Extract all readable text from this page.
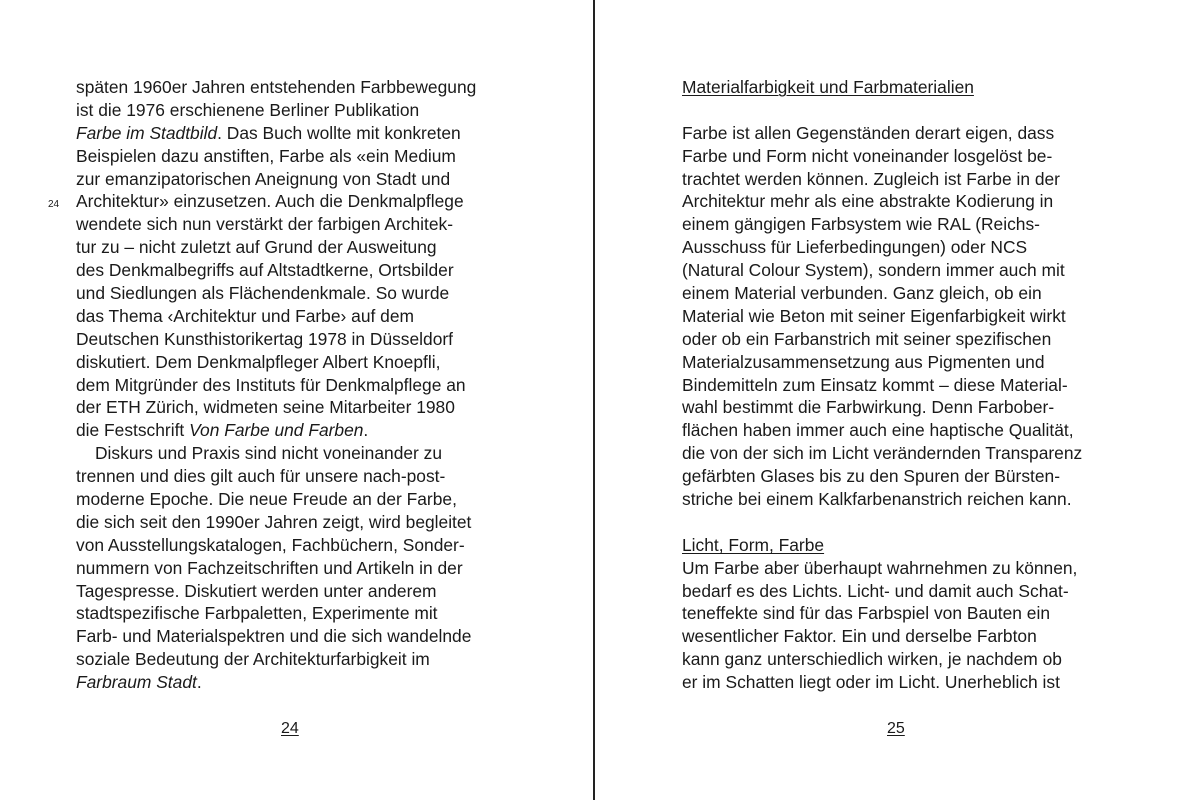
24
späten 1960er Jahren entstehenden Farbbewegung
ist die 1976 erschienene Berliner Publikation
Farbe im Stadtbild. Das Buch wollte mit konkreten
Beispielen dazu anstiften, Farbe als «ein Medium
zur emanzipatorischen Aneignung von Stadt und
Architektur» einzusetzen. Auch die Denkmalpflege
wendete sich nun verstärkt der farbigen Architek-
tur zu – nicht zuletzt auf Grund der Ausweitung
des Denkmalbegriffs auf Altstadtkerne, Ortsbilder
und Siedlungen als Flächendenkmale. So wurde
das Thema ‹Architektur und Farbe› auf dem
Deutschen Kunsthistorikertag 1978 in Düsseldorf
diskutiert. Dem Denkmalpfleger Albert Knoepfli,
dem Mitgründer des Instituts für Denkmalpflege an
der ETH Zürich, widmeten seine Mitarbeiter 1980
die Festschrift Von Farbe und Farben.
Diskurs und Praxis sind nicht voneinander zu
trennen und dies gilt auch für unsere nach-post-
moderne Epoche. Die neue Freude an der Farbe,
die sich seit den 1990er Jahren zeigt, wird begleitet
von Ausstellungskatalogen, Fachbüchern, Sonder-
nummern von Fachzeitschriften und Artikeln in der
Tagespresse. Diskutiert werden unter anderem
stadtspezifische Farbpaletten, Experimente mit
Farb- und Materialspektren und die sich wandelnde
soziale Bedeutung der Architekturfarbigkeit im
Farbraum Stadt.
24
Materialfarbigkeit und Farbmaterialien
Farbe ist allen Gegenständen derart eigen, dass
Farbe und Form nicht voneinander losgelöst be-
trachtet werden können. Zugleich ist Farbe in der
Architektur mehr als eine abstrakte Kodierung in
einem gängigen Farbsystem wie RAL (Reichs-
Ausschuss für Lieferbedingungen) oder NCS
(Natural Colour System), sondern immer auch mit
einem Material verbunden. Ganz gleich, ob ein
Material wie Beton mit seiner Eigenfarbigkeit wirkt
oder ob ein Farbanstrich mit seiner spezifischen
Materialzusammensetzung aus Pigmenten und
Bindemitteln zum Einsatz kommt – diese Material-
wahl bestimmt die Farbwirkung. Denn Farbober-
flächen haben immer auch eine haptische Qualität,
die von der sich im Licht verändernden Transparenz
gefärbten Glases bis zu den Spuren der Bürsten-
striche bei einem Kalkfarbenanstrich reichen kann.
Licht, Form, Farbe
Um Farbe aber überhaupt wahrnehmen zu können,
bedarf es des Lichts. Licht- und damit auch Schat-
teneffekte sind für das Farbspiel von Bauten ein
wesentlicher Faktor. Ein und derselbe Farbton
kann ganz unterschiedlich wirken, je nachdem ob
er im Schatten liegt oder im Licht. Unerheblich ist
25
